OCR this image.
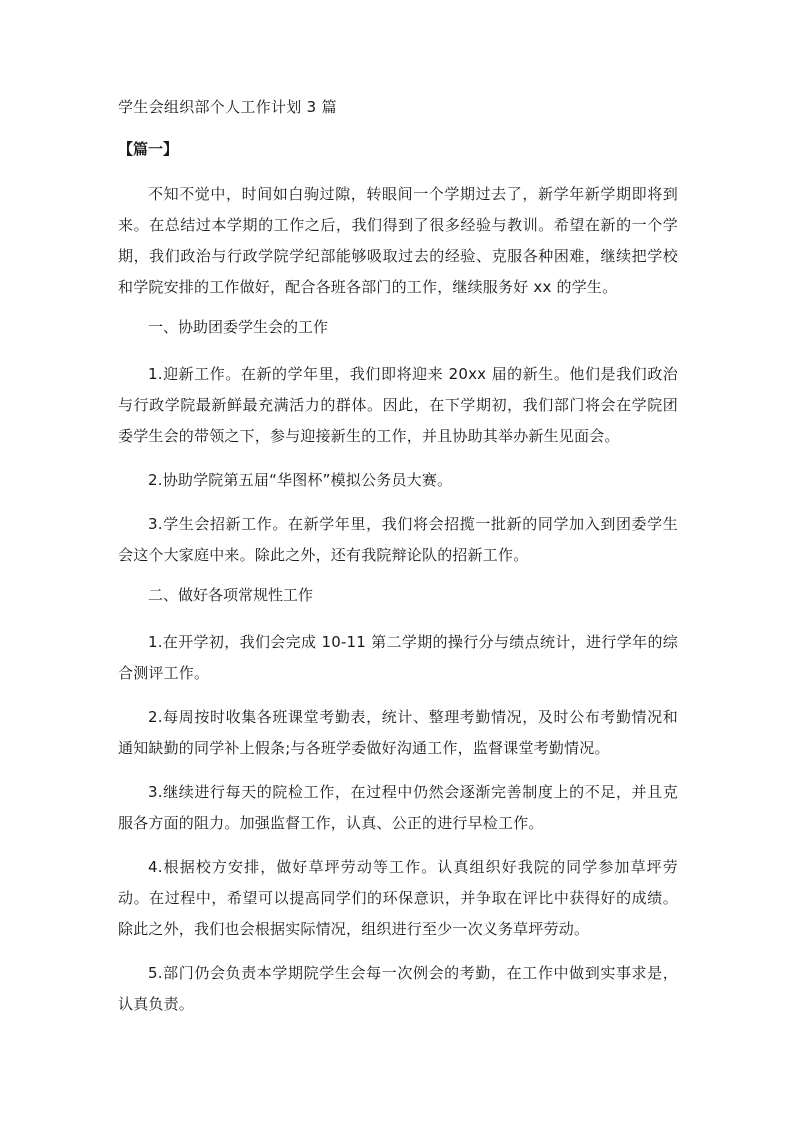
学生会组织部个人工作计划 3 篇
【篇一】

不知不觉中，时间如白驹过隙，转眼间一个学期过去了，新学年新学期即将到来。在总结过本学期的工作之后，我们得到了很多经验与教训。希望在新的一个学期，我们政治与行政学院学纪部能够吸取过去的经验、克服各种困难，继续把学校和学院安排的工作做好，配合各班各部门的工作，继续服务好 xx 的学生。

一、协助团委学生会的工作

1.迎新工作。在新的学年里，我们即将迎来 20xx 届的新生。他们是我们政治与行政学院最新鲜最充满活力的群体。因此，在下学期初，我们部门将会在学院团委学生会的带领之下，参与迎接新生的工作，并且协助其举办新生见面会。

2.协助学院第五届“华图杯”模拟公务员大赛。

3.学生会招新工作。在新学年里，我们将会招揽一批新的同学加入到团委学生会这个大家庭中来。除此之外，还有我院辩论队的招新工作。

二、做好各项常规性工作

1.在开学初，我们会完成 10-11 第二学期的操行分与绩点统计，进行学年的综合测评工作。

2.每周按时收集各班课堂考勤表，统计、整理考勤情况，及时公布考勤情况和通知缺勤的同学补上假条;与各班学委做好沟通工作，监督课堂考勤情况。

3.继续进行每天的院检工作，在过程中仍然会逐渐完善制度上的不足，并且克服各方面的阻力。加强监督工作，认真、公正的进行早检工作。

4.根据校方安排，做好草坪劳动等工作。认真组织好我院的同学参加草坪劳动。在过程中，希望可以提高同学们的环保意识，并争取在评比中获得好的成绩。除此之外，我们也会根据实际情况，组织进行至少一次义务草坪劳动。

5.部门仍会负责本学期院学生会每一次例会的考勤，在工作中做到实事求是，认真负责。
